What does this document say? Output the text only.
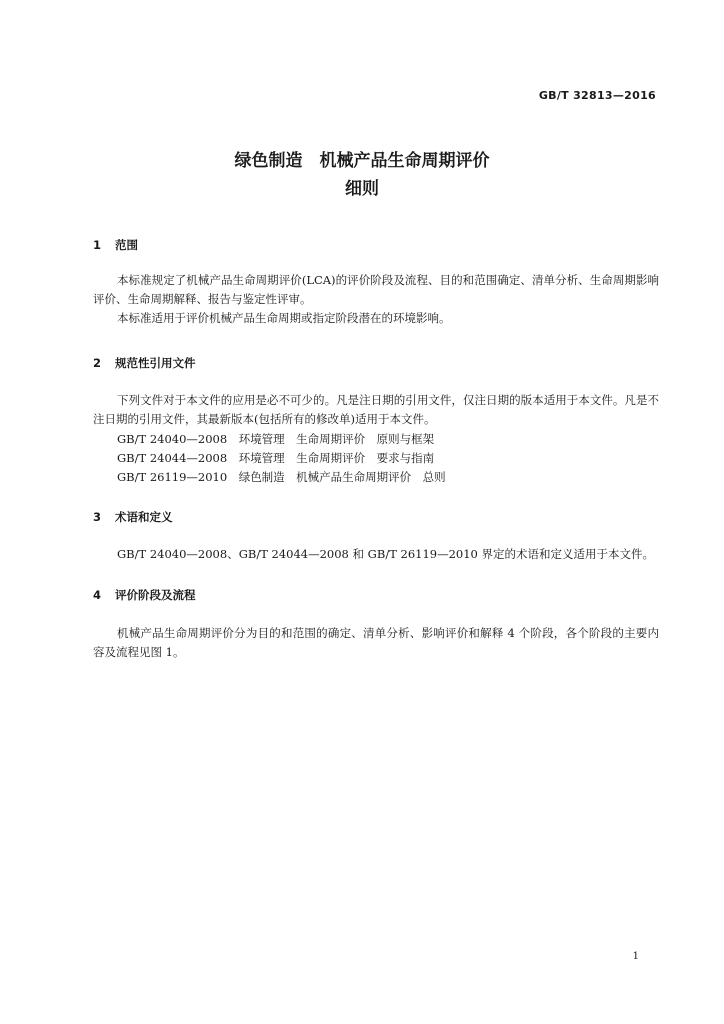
GB/T 32813—2016
绿色制造　机械产品生命周期评价
细则
1 范围

本标准规定了机械产品生命周期评价(LCA)的评价阶段及流程、目的和范围确定、清单分析、生命周期影响评价、生命周期解释、报告与鉴定性评审。

本标准适用于评价机械产品生命周期或指定阶段潜在的环境影响。

2 规范性引用文件

下列文件对于本文件的应用是必不可少的。凡是注日期的引用文件，仅注日期的版本适用于本文件。凡是不注日期的引用文件，其最新版本(包括所有的修改单)适用于本文件。

GB/T 24040—2008　环境管理　生命周期评价　原则与框架
GB/T 24044—2008　环境管理　生命周期评价　要求与指南
GB/T 26119—2010　绿色制造　机械产品生命周期评价　总则
3 术语和定义

GB/T 24040—2008、GB/T 24044—2008 和 GB/T 26119—2010 界定的术语和定义适用于本文件。

4 评价阶段及流程

机械产品生命周期评价分为目的和范围的确定、清单分析、影响评价和解释 4 个阶段，各个阶段的主要内容及流程见图 1。

1
